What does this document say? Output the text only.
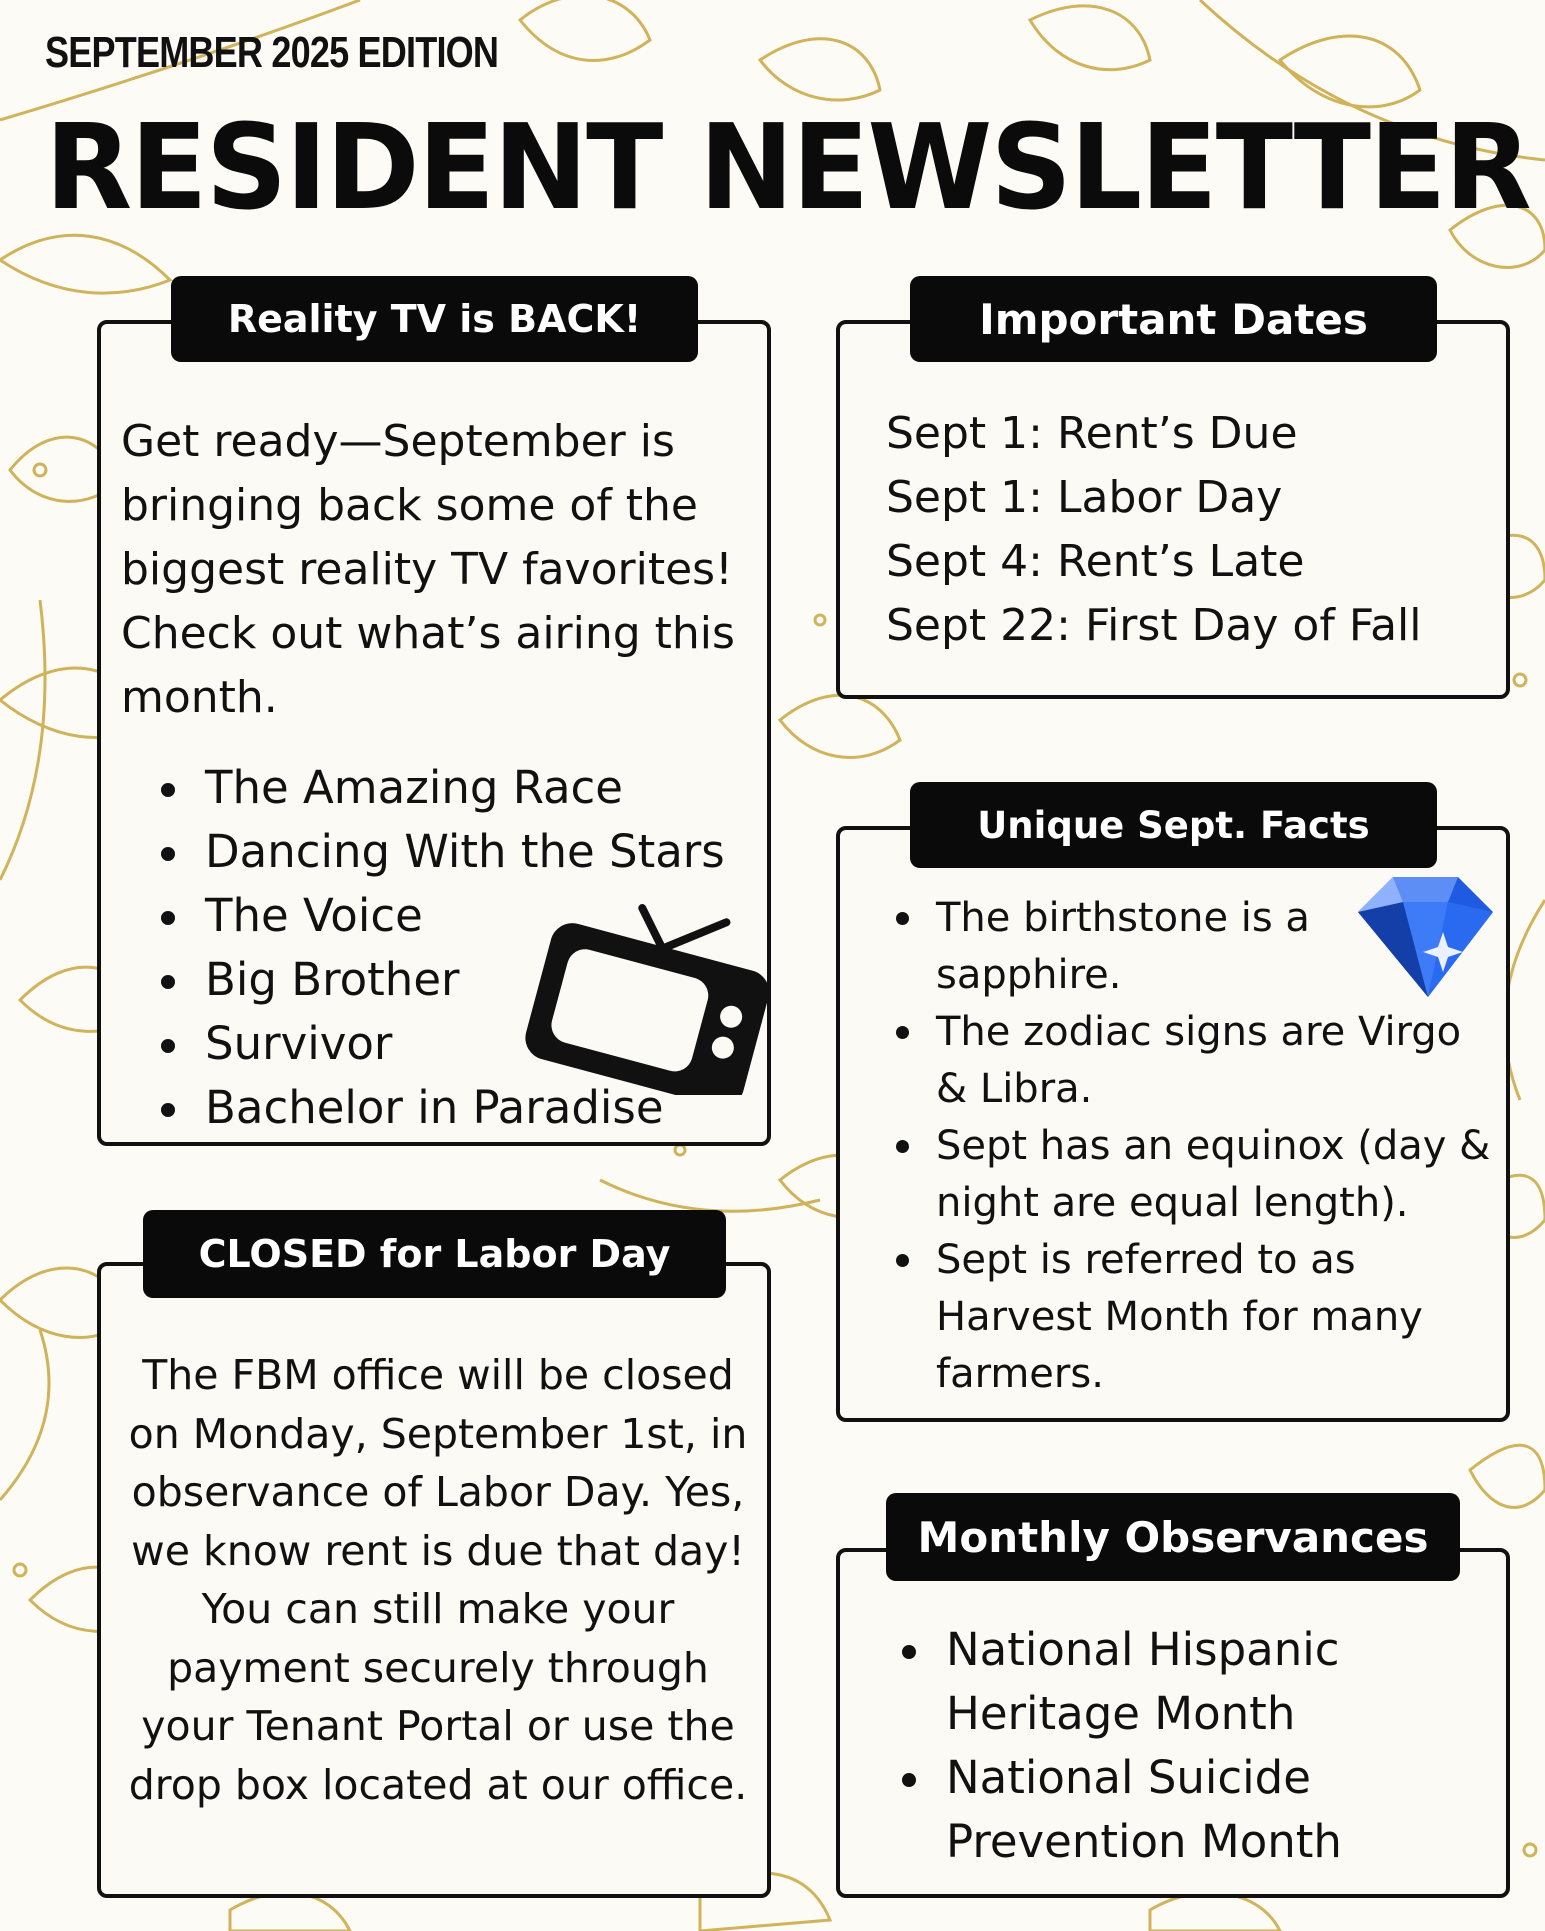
SEPTEMBER 2025 EDITION
RESIDENT NEWSLETTER
Get ready—September is bringing back some of the biggest reality TV favorites! Check out what’s airing this month.
The Amazing Race
Dancing With the Stars
The Voice
Big Brother
Survivor
Bachelor in Paradise
Reality TV is BACK!
Sept 1: Rent’s Due
Sept 1: Labor Day
Sept 4: Rent’s Late
Sept 22: First Day of Fall
Important Dates
The birthstone is a sapphire.
The zodiac signs are Virgo & Libra.
Sept has an equinox (day & night are equal length).
Sept is referred to as Harvest Month for many farmers.
Unique Sept. Facts
The FBM office will be closed on Monday, September 1st, in observance of Labor Day. Yes, we know rent is due that day! You can still make your payment securely through your Tenant Portal or use the drop box located at our office.
CLOSED for Labor Day
National Hispanic Heritage Month
National Suicide Prevention Month
Monthly Observances
